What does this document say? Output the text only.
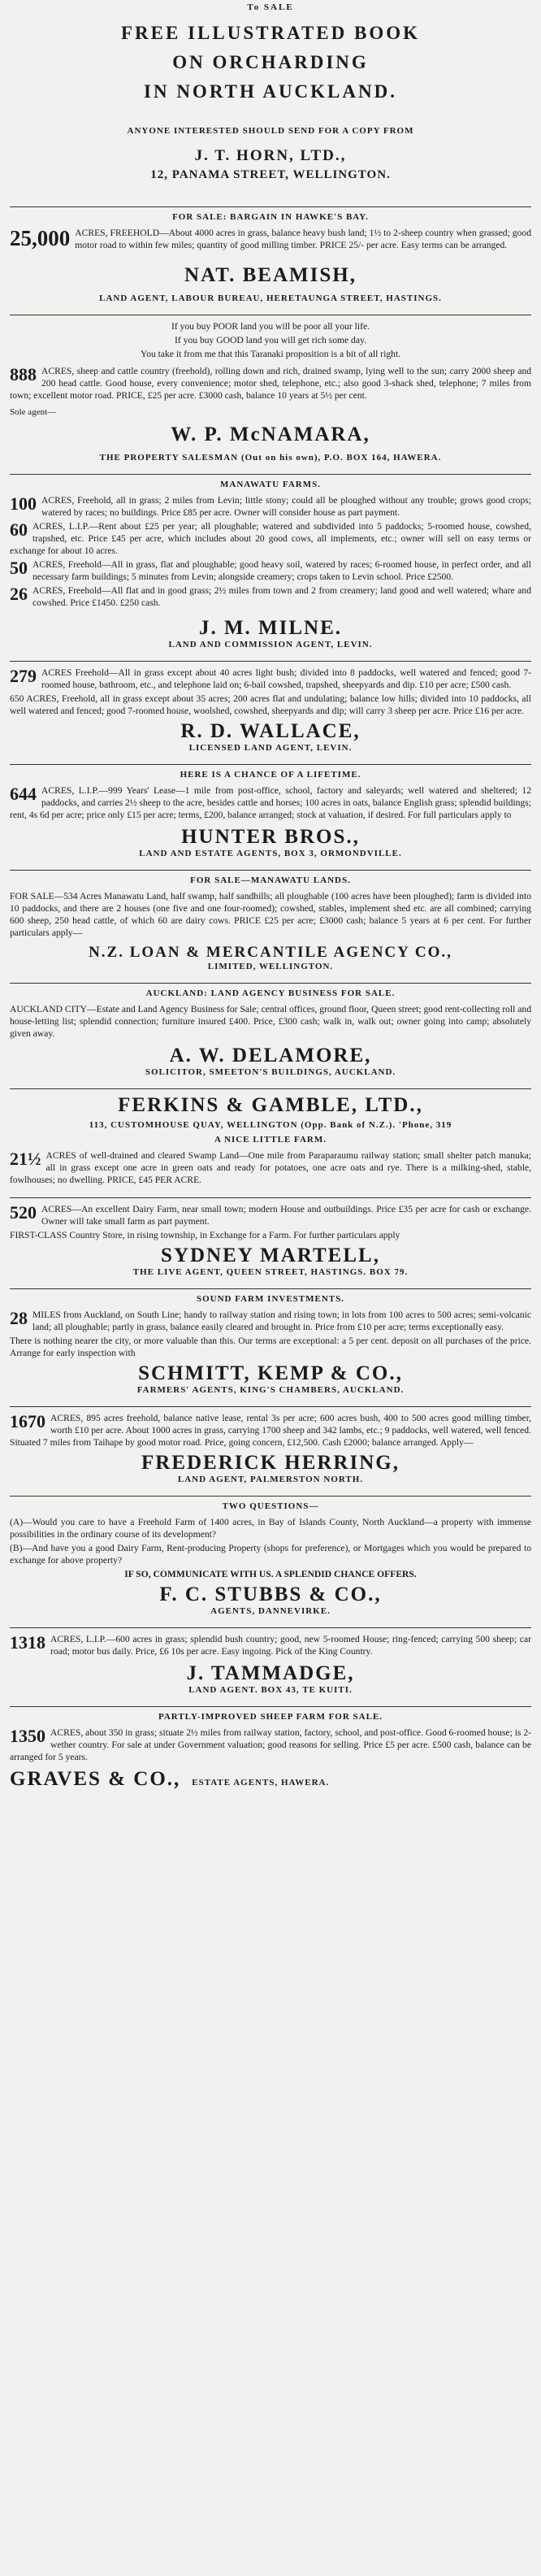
To SALE
FREE ILLUSTRATED BOOK
ON ORCHARDING
IN NORTH AUCKLAND.
ANYONE INTERESTED SHOULD SEND FOR A COPY FROM
J. T. HORN, LTD.,
12, PANAMA STREET, WELLINGTON.
FOR SALE: BARGAIN IN HAWKE'S BAY.
25,000 ACRES, FREEHOLD—About 4000 acres in grass, balance heavy bush land; 1½ to 2-sheep country when grassed; good motor road to within few miles; quantity of good milling timber. PRICE 25/- per acre. Easy terms can be arranged.
NAT. BEAMISH,
LAND AGENT, LABOUR BUREAU, HERETAUNGA STREET, HASTINGS.
If you buy POOR land you will be poor all your life.
If you buy GOOD land you will get rich some day.
You take it from me that this Taranaki proposition is a bit of all right.
888 ACRES, sheep and cattle country (freehold), rolling down and rich, drained swamp, lying well to the sun; carry 2000 sheep and 200 head cattle. Good house, every convenience; motor shed, telephone, etc.; also good 3-shack shed, telephone; 7 miles from town; excellent motor road. PRICE, £25 per acre. £3000 cash, balance 10 years at 5½ per cent.
Sole agent—
W. P. McNAMARA,
THE PROPERTY SALESMAN (Out on his own), P.O. BOX 164, HAWERA.
MANAWATU FARMS.
100 ACRES, Freehold, all in grass; 2 miles from Levin; little stony; could all be ploughed without any trouble; grows good crops; watered by races; no buildings. Price £85 per acre. Owner will consider house as part payment.
60 ACRES, L.I.P.—Rent about £25 per year; all ploughable; watered and subdivided into 5 paddocks; 5-roomed house, cowshed, trapshed, etc. Price £45 per acre, which includes about 20 good cows, all implements, etc.; owner will sell on easy terms or exchange for about 10 acres.
50 ACRES, Freehold—All in grass, flat and ploughable; good heavy soil, watered by races; 6-roomed house, in perfect order, and all necessary farm buildings; 5 minutes from Levin; alongside creamery; crops taken to Levin school. Price £2500.
26 ACRES, Freehold—All flat and in good grass; 2½ miles from town and 2 from creamery; land good and well watered; whare and cowshed. Price £1450. £250 cash.
J. M. MILNE.
LAND AND COMMISSION AGENT, LEVIN.
279 ACRES Freehold—All in grass except about 40 acres light bush; divided into 8 paddocks, well watered and fenced; good 7-roomed house, bathroom, etc., and telephone laid on; 6-bail cowshed, trapshed, sheepyards and dip. £10 per acre; £500 cash.
650 ACRES, Freehold, all in grass except about 35 acres; 200 acres flat and undulating; balance low hills; divided into 10 paddocks, all well watered and fenced; good 7-roomed house, woolshed, cowshed, sheepyards and dip; will carry 3 sheep per acre. Price £16 per acre.
R. D. WALLACE,
LICENSED LAND AGENT, LEVIN.
HERE IS A CHANCE OF A LIFETIME.
644 ACRES, L.I.P.—999 Years' Lease—1 mile from post-office, school, factory and saleyards; well watered and sheltered; 12 paddocks, and carries 2½ sheep to the acre, besides cattle and horses; 100 acres in oats, balance English grass; splendid buildings; rent, 4s 6d per acre; price only £15 per acre; terms, £200, balance arranged; stock at valuation, if desired. For full particulars apply to
HUNTER BROS.,
LAND AND ESTATE AGENTS, BOX 3, ORMONDVILLE.
FOR SALE—MANAWATU LANDS.
FOR SALE—534 Acres Manawatu Land, half swamp, half sandhills; all ploughable (100 acres have been ploughed); farm is divided into 10 paddocks, and there are 2 houses (one five and one four-roomed); cowshed, stables, implement shed etc. are all combined; carrying 600 sheep, 250 head cattle, of which 60 are dairy cows. PRICE £25 per acre; £3000 cash; balance 5 years at 6 per cent. For further particulars apply—
N.Z. LOAN & MERCANTILE AGENCY CO.,
LIMITED, WELLINGTON.
AUCKLAND: LAND AGENCY BUSINESS FOR SALE.
AUCKLAND CITY—Estate and Land Agency Business for Sale; central offices, ground floor, Queen street; good rent-collecting roll and house-letting list; splendid connection; furniture insured £400. Price, £300 cash; walk in, walk out; owner going into camp; absolutely given away.
A. W. DELAMORE,
SOLICITOR, SMEETON'S BUILDINGS, AUCKLAND.
FERKINS & GAMBLE, LTD.,
113, CUSTOMHOUSE QUAY, WELLINGTON (Opp. Bank of N.Z.). 'Phone, 319
A NICE LITTLE FARM.
21½ ACRES of well-drained and cleared Swamp Land—One mile from Paraparaumu railway station; small shelter patch manuka; all in grass except one acre in green oats and ready for potatoes, one acre oats and rye. There is a milking-shed, stable, fowlhouses; no dwelling. PRICE, £45 PER ACRE.
520 ACRES—An excellent Dairy Farm, near small town; modern House and outbuildings. Price £35 per acre for cash or exchange. Owner will take small farm as part payment.
FIRST-CLASS Country Store, in rising township, in Exchange for a Farm. For further particulars apply
SYDNEY MARTELL,
THE LIVE AGENT, QUEEN STREET, HASTINGS. BOX 79.
SOUND FARM INVESTMENTS.
28 MILES from Auckland, on South Line; handy to railway station and rising town; in lots from 100 acres to 500 acres; semi-volcanic land; all ploughable; partly in grass, balance easily cleared and brought in. Price from £10 per acre; terms exceptionally easy.
There is nothing nearer the city, or more valuable than this. Our terms are exceptional: a 5 per cent. deposit on all purchases of the price. Arrange for early inspection with
SCHMITT, KEMP & CO.,
FARMERS' AGENTS, KING'S CHAMBERS, AUCKLAND.
1670 ACRES, 895 acres freehold, balance native lease, rental 3s per acre; 600 acres bush, 400 to 500 acres good milling timber, worth £10 per acre. About 1000 acres in grass, carrying 1700 sheep and 342 lambs, etc.; 9 paddocks, well watered, well fenced. Situated 7 miles from Taihape by good motor road. Price, going concern, £12,500. Cash £2000; balance arranged. Apply—
FREDERICK HERRING,
LAND AGENT, PALMERSTON NORTH.
TWO QUESTIONS—
(A)—Would you care to have a Freehold Farm of 1400 acres, in Bay of Islands County, North Auckland—a property with immense possibilities in the ordinary course of its development?
(B)—And have you a good Dairy Farm, Rent-producing Property (shops for preference), or Mortgages which you would be prepared to exchange for above property?
IF SO, COMMUNICATE WITH US. A SPLENDID CHANCE OFFERS.
F. C. STUBBS & CO.,
AGENTS, DANNEVIRKE.
1318 ACRES, L.I.P.—600 acres in grass; splendid bush country; good, new 5-roomed House; ring-fenced; carrying 500 sheep; car road; motor bus daily. Price, £6 10s per acre. Easy ingoing. Pick of the King Country.
J. TAMMADGE,
LAND AGENT. BOX 43, TE KUITI.
PARTLY-IMPROVED SHEEP FARM FOR SALE.
1350 ACRES, about 350 in grass; situate 2½ miles from railway station, factory, school, and post-office. Good 6-roomed house; is 2-wether country. For sale at under Government valuation; good reasons for selling. Price £5 per acre. £500 cash, balance can be arranged for 5 years.
GRAVES & CO., ESTATE AGENTS, HAWERA.
